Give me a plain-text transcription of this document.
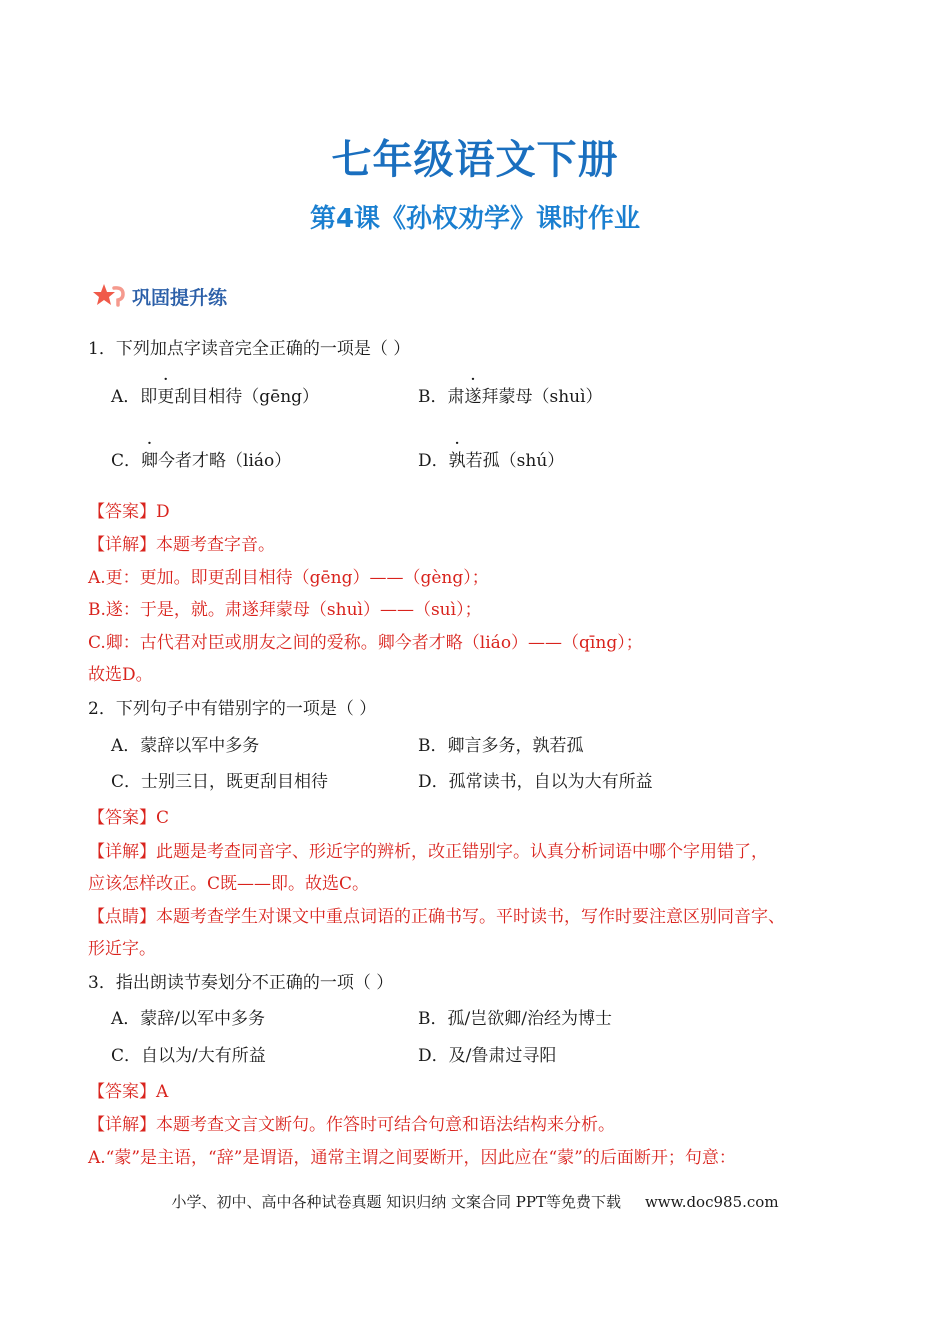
七年级语文下册
第4课《孙权劝学》课时作业
巩固提升练
1．下列加点字读音完全正确的一项是（ ）
A．即更刮目相待（gēng）	B．肃遂拜蒙母（shuì）
C．卿今者才略（liáo）	D．孰若孤（shú）
【答案】D
【详解】本题考查字音。
A.更：更加。即更刮目相待（gēng）——（gèng）；
B.遂：于是，就。肃遂拜蒙母（shuì）——（suì）；
C.卿：古代君对臣或朋友之间的爱称。卿今者才略（liáo）——（qīng）；
故选D。
2．下列句子中有错别字的一项是（ ）
A．蒙辞以军中多务	B．卿言多务，孰若孤
C．士别三日，既更刮目相待	D．孤常读书，自以为大有所益
【答案】C
【详解】此题是考查同音字、形近字的辨析，改正错别字。认真分析词语中哪个字用错了，
应该怎样改正。C既——即。故选C。
【点睛】本题考查学生对课文中重点词语的正确书写。平时读书，写作时要注意区别同音字、
形近字。
3．指出朗读节奏划分不正确的一项（ ）
A．蒙辞/以军中多务	B．孤/岂欲卿/治经为博士
C．自以为/大有所益	D．及/鲁肃过寻阳
【答案】A
【详解】本题考查文言文断句。作答时可结合句意和语法结构来分析。
A.“蒙”是主语，“辞”是谓语，通常主谓之间要断开，因此应在“蒙”的后面断开；句意：
小学、初中、高中各种试卷真题 知识归纳 文案合同 PPT等免费下载 www.doc985.com
